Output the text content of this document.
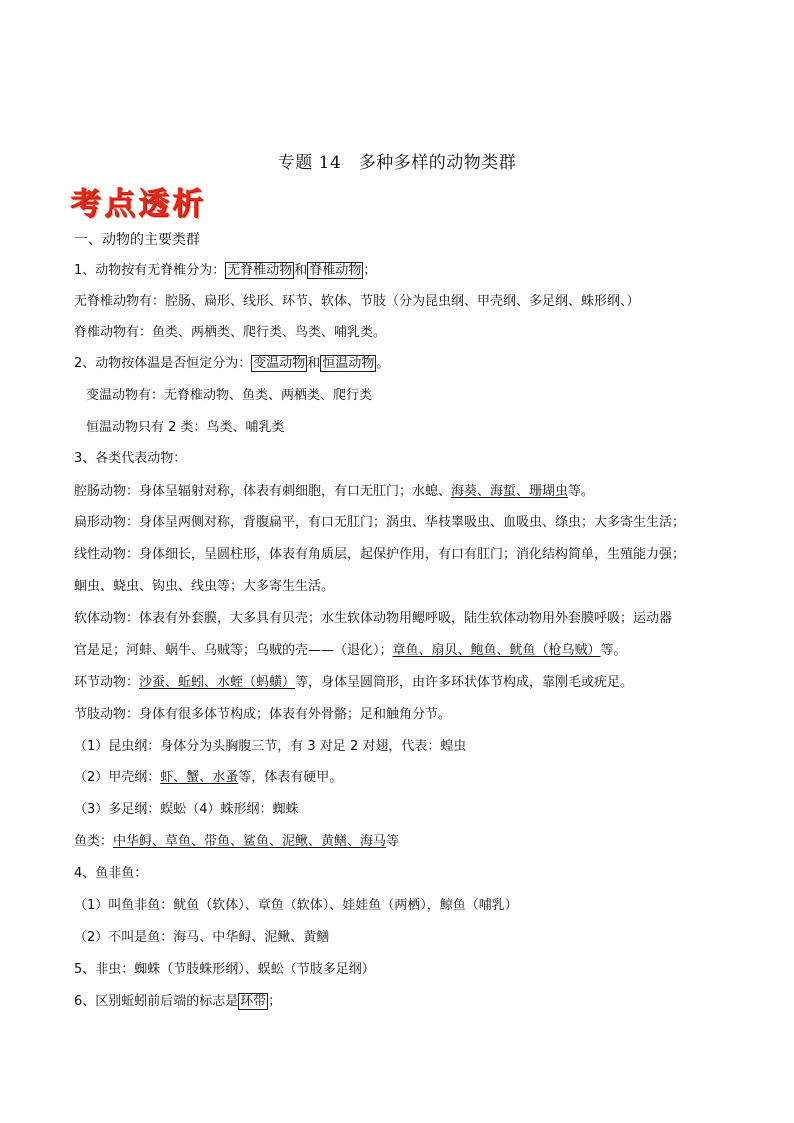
专题 14　多种多样的动物类群
考点透析
一、动物的主要类群
1、动物按有无脊椎分为： 无脊椎动物 和 脊椎动物 ；
无脊椎动物有：腔肠、扁形、线形、环节、软体、节肢（分为昆虫纲、甲壳纲、多足纲、蛛形纲、）
脊椎动物有：鱼类、两栖类、爬行类、鸟类、哺乳类。
2、动物按体温是否恒定分为： 变温动物 和 恒温动物 。
变温动物有：无脊椎动物、鱼类、两栖类、爬行类
恒温动物只有 2 类：鸟类、哺乳类
3、各类代表动物：
腔肠动物：身体呈辐射对称，体表有刺细胞，有口无肛门；水螅、海葵、海蜇、珊瑚虫等。
扁形动物：身体呈两侧对称，背腹扁平，有口无肛门；涡虫、华枝睾吸虫、血吸虫、绦虫；大多寄生生活；
线性动物：身体细长，呈圆柱形，体表有角质层，起保护作用，有口有肛门；消化结构简单，生殖能力强；
蛔虫、蛲虫、钩虫、线虫等；大多寄生生活。
软体动物：体表有外套膜，大多具有贝壳；水生软体动物用鳃呼吸，陆生软体动物用外套膜呼吸；运动器
官是足；河蚌、蜗牛、乌贼等；乌贼的壳——（退化）；章鱼、扇贝、鲍鱼、鱿鱼（枪乌贼）等。
环节动物：沙蚕、蚯蚓、水蛭（蚂蟥）等，身体呈圆筒形，由许多环状体节构成，靠刚毛或疣足。
节肢动物：身体有很多体节构成；体表有外骨骼；足和触角分节。
（1）昆虫纲：身体分为头胸腹三节，有 3 对足 2 对翅，代表：蝗虫
（2）甲壳纲：虾、蟹、水蚤等，体表有硬甲。
（3）多足纲：蜈蚣（4）蛛形纲：蜘蛛
鱼类：中华鲟、草鱼、带鱼、鲨鱼、泥鳅、黄鳝、海马等
4、鱼非鱼：
（1）叫鱼非鱼：鱿鱼（软体）、章鱼（软体）、娃娃鱼（两栖），鲸鱼（哺乳）
（2）不叫是鱼：海马、中华鲟、泥鳅、黄鳝
5、非虫：蜘蛛（节肢蛛形纲）、蜈蚣（节肢多足纲）
6、区别蚯蚓前后端的标志是 环带 ；
